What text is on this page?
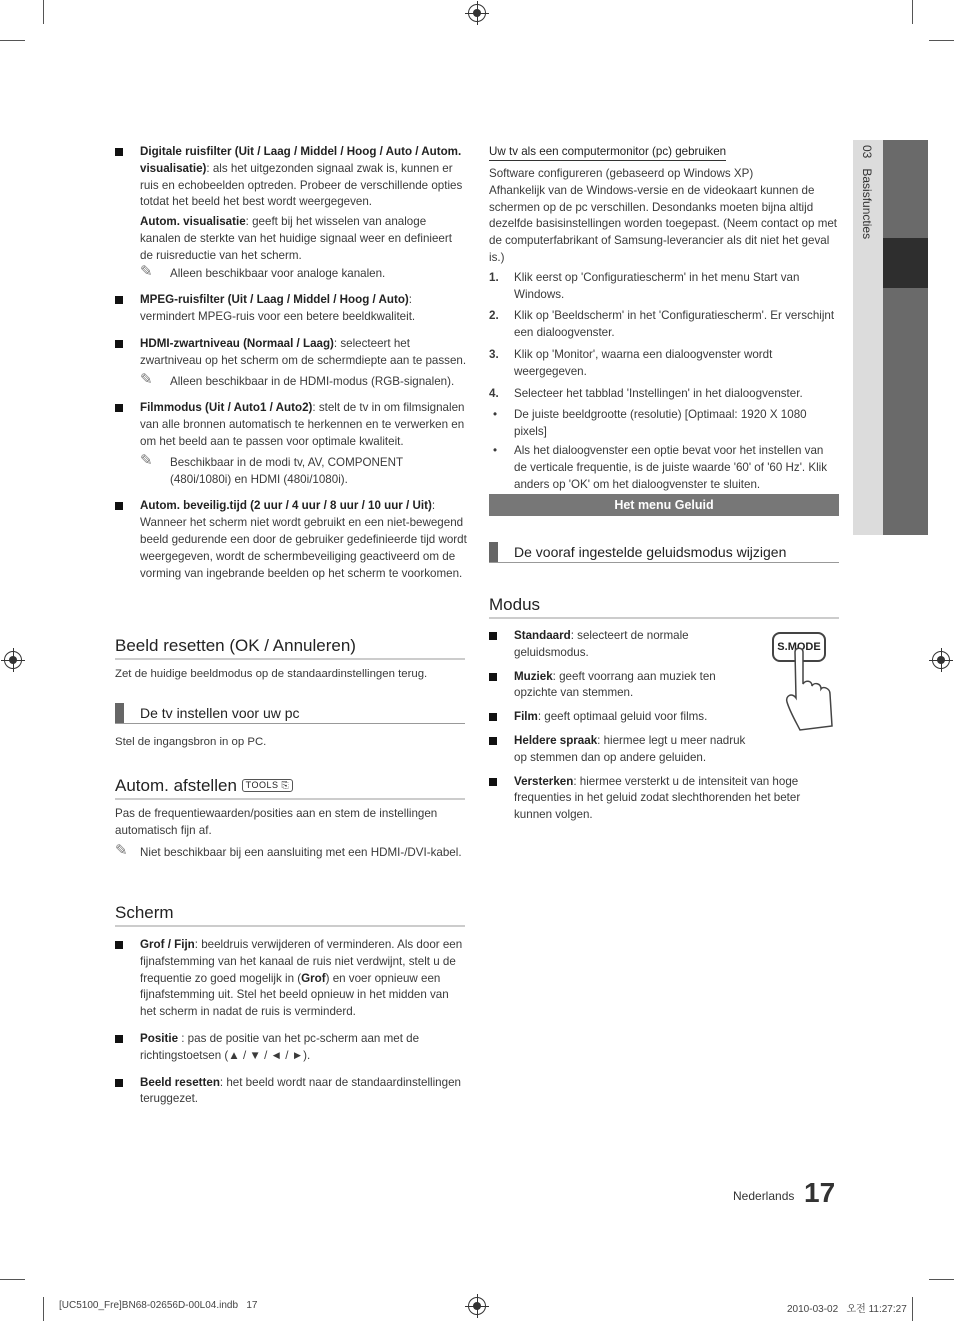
03   Basisfuncties

Digitale ruisfilter (Uit / Laag / Middel / Hoog / Auto / Autom. visualisatie): als het uitgezonden signaal zwak is, kunnen er ruis en echobeelden optreden. Probeer de verschillende opties totdat het beeld het best wordt weergegeven.

Autom. visualisatie: geeft bij het wisselen van analoge kanalen de sterkte van het huidige signaal weer en definieert de ruisreductie van het scherm.

✎ Alleen beschikbaar voor analoge kanalen.

MPEG-ruisfilter (Uit / Laag / Middel / Hoog / Auto): vermindert MPEG-ruis voor een betere beeldkwaliteit.

HDMI-zwartniveau (Normaal / Laag): selecteert het zwartniveau op het scherm om de schermdiepte aan te passen.

✎ Alleen beschikbaar in de HDMI-modus (RGB-signalen).

Filmmodus (Uit / Auto1 / Auto2): stelt de tv in om filmsignalen van alle bronnen automatisch te herkennen en te verwerken en om het beeld aan te passen voor optimale kwaliteit.

✎ Beschikbaar in de modi tv, AV, COMPONENT (480i/1080i) en HDMI (480i/1080i).

Autom. beveilig.tijd (2 uur / 4 uur / 8 uur / 10 uur / Uit): Wanneer het scherm niet wordt gebruikt en een niet-bewegend beeld gedurende een door de gebruiker gedefinieerde tijd wordt weergegeven, wordt de schermbeveiliging geactiveerd om de vorming van ingebrande beelden op het scherm te voorkomen.

Beeld resetten (OK / Annuleren)

Zet de huidige beeldmodus op de standaardinstellingen terug.

De tv instellen voor uw pc

Stel de ingangsbron in op PC.

Autom. afstellen TOOLS ⎘

Pas de frequentiewaarden/posities aan en stem de instellingen automatisch fijn af.

✎ Niet beschikbaar bij een aansluiting met een HDMI-/DVI-kabel.
Scherm

Grof / Fijn: beeldruis verwijderen of verminderen. Als door een fijnafstemming van het kanaal de ruis niet verdwijnt, stelt u de frequentie zo goed mogelijk in (Grof) en voer opnieuw een fijnafstemming uit. Stel het beeld opnieuw in het midden van het scherm in nadat de ruis is verminderd.

Positie : pas de positie van het pc-scherm aan met de richtingstoetsen (▲ / ▼ / ◄ / ►).

Beeld resetten: het beeld wordt naar de standaardinstellingen teruggezet.

Uw tv als een computermonitor (pc) gebruiken

Software configureren (gebaseerd op Windows XP)

Afhankelijk van de Windows-versie en de videokaart kunnen de schermen op de pc verschillen. Desondanks moeten bijna altijd dezelfde basisinstellingen worden toegepast. (Neem contact op met de computerfabrikant of Samsung-leverancier als dit niet het geval is.)

1. Klik eerst op 'Configuratiescherm' in het menu Start van Windows.
2. Klik op 'Beeldscherm' in het 'Configuratiescherm'. Er verschijnt een dialoogvenster.
3. Klik op 'Monitor', waarna een dialoogvenster wordt weergegeven.
4. Selecteer het tabblad 'Instellingen' in het dialoogvenster.
• De juiste beeldgrootte (resolutie) [Optimaal: 1920 X 1080 pixels]
• Als het dialoogvenster een optie bevat voor het instellen van de verticale frequentie, is de juiste waarde '60' of '60 Hz'. Klik anders op 'OK' om het dialoogvenster te sluiten.
Het menu Geluid
De vooraf ingestelde geluidsmodus wijzigen
Modus

Standaard: selecteert de normale geluidsmodus.

Muziek: geeft voorrang aan muziek ten opzichte van stemmen.

Film: geeft optimaal geluid voor films.

Heldere spraak: hiermee legt u meer nadruk op stemmen dan op andere geluiden.

Versterken: hiermee versterkt u de intensiteit van hoge frequenties in het geluid zodat slechthorenden het beter kunnen volgen.

S.MODE
Nederlands 17
[UC5100_Fre]BN68-02656D-00L04.indb   17	2010-03-02   오전 11:27:27
